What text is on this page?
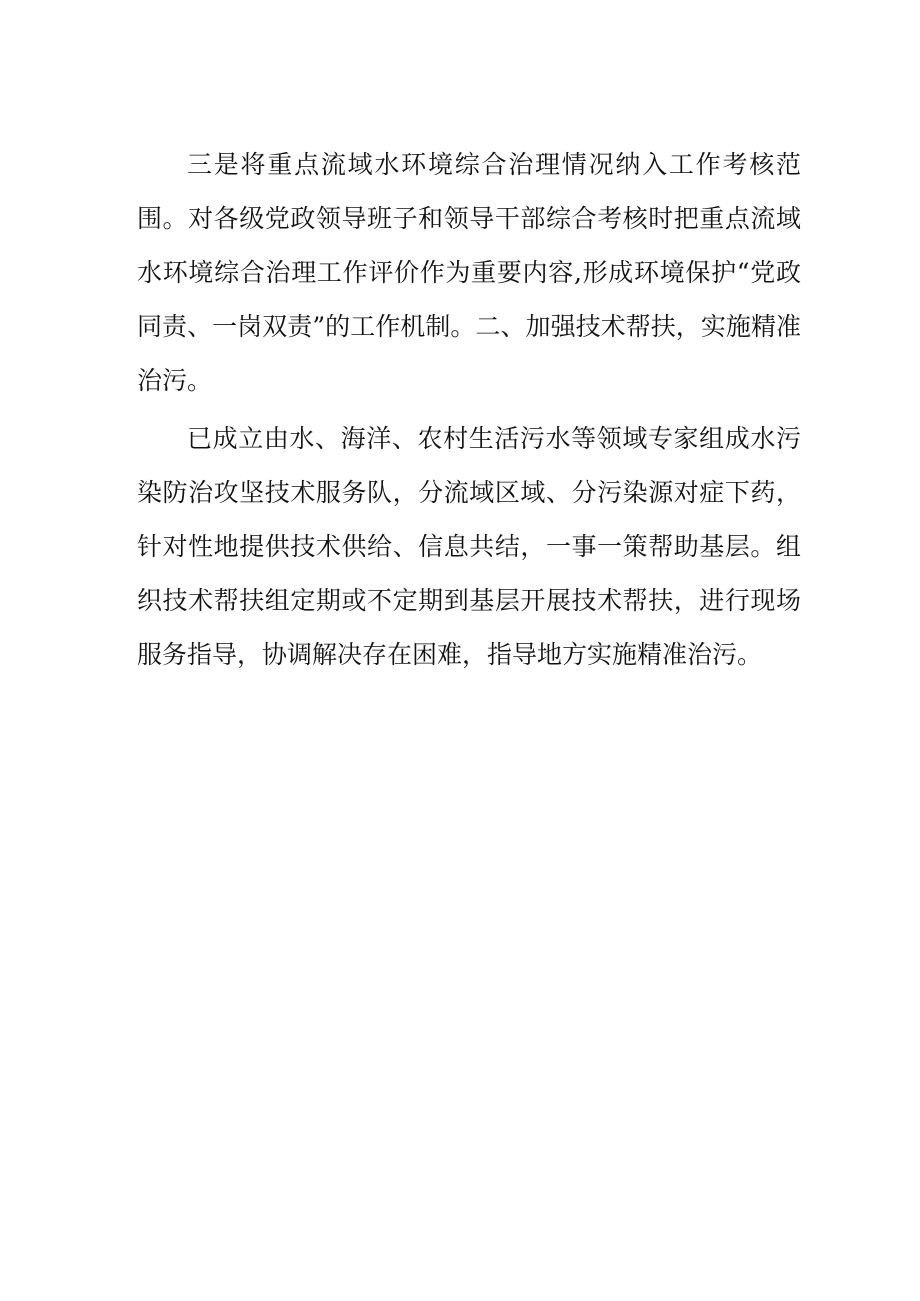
三是将重点流域水环境综合治理情况纳入工作考核范围。对各级党政领导班子和领导干部综合考核时把重点流域水环境综合治理工作评价作为重要内容,形成环境保护“党政同责、一岗双责”的工作机制。二、加强技术帮扶，实施精准治污。

已成立由水、海洋、农村生活污水等领域专家组成水污染防治攻坚技术服务队，分流域区域、分污染源对症下药，针对性地提供技术供给、信息共结，一事一策帮助基层。组织技术帮扶组定期或不定期到基层开展技术帮扶，进行现场服务指导，协调解决存在困难，指导地方实施精准治污。
